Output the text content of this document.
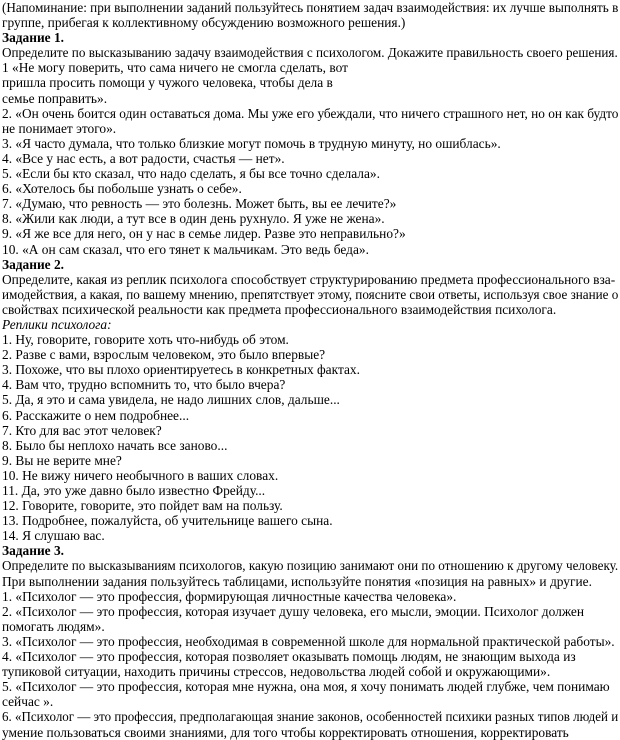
(Напоминание: при выполнении заданий пользуйтесь понятием задач взаимодействия: их лучше выполнять в
группе, прибегая к коллективному обсуждению возможного решения.)
Задание 1.
Определите по высказыванию задачу взаимодействия с психологом. Докажите правильность своего решения.
1 «Не могу поверить, что сама ничего не смогла сделать, вот
пришла просить помощи у чужого человека, чтобы дела в
семье поправить».
2. «Он очень боится один оставаться дома. Мы уже его убеждали, что ничего страшного нет, но он как будто
не понимает этого».
3. «Я часто думала, что только близкие могут помочь в трудную минуту, но ошиблась».
4. «Все у нас есть, а вот радости, счастья — нет».
5. «Если бы кто сказал, что надо сделать, я бы все точно сделала».
6. «Хотелось бы побольше узнать о себе».
7. «Думаю, что ревность — это болезнь. Может быть, вы ее лечите?»
8. «Жили как люди, а тут все в один день рухнуло. Я уже не жена».
9. «Я же все для него, он у нас в семье лидер. Разве это неправильно?»
10. «А он сам сказал, что его тянет к мальчикам. Это ведь беда».
Задание 2.
Определите, какая из реплик психолога способствует структурированию предмета профессионального вза-
имодействия, а какая, по вашему мнению, препятствует этому, поясните свои ответы, используя свое знание о
свойствах психической реальности как предмета профессионального взаимодействия психолога.
Реплики психолога:
1. Ну, говорите, говорите хоть что-нибудь об этом.
2. Разве с вами, взрослым человеком, это было впервые?
3. Похоже, что вы плохо ориентируетесь в конкретных фактах.
4. Вам что, трудно вспомнить то, что было вчера?
5. Да, я это и сама увидела, не надо лишних слов, дальше...
6. Расскажите о нем подробнее...
7. Кто для вас этот человек?
8. Было бы неплохо начать все заново...
9. Вы не верите мне?
10. Не вижу ничего необычного в ваших словах.
11. Да, это уже давно было известно Фрейду...
12. Говорите, говорите, это пойдет вам на пользу.
13. Подробнее, пожалуйста, об учительнице вашего сына.
14. Я слушаю вас.
Задание 3.
Определите по высказываниям психологов, какую позицию занимают они по отношению к другому человеку.
При выполнении задания пользуйтесь таблицами, используйте понятия «позиция на равных» и другие.
1. «Психолог — это профессия, формирующая личностные качества человека».
2. «Психолог — это профессия, которая изучает душу человека, его мысли, эмоции. Психолог должен
помогать людям».
3. «Психолог — это профессия, необходимая в современной школе для нормальной практической работы».
4. «Психолог — это профессия, которая позволяет оказывать помощь людям, не знающим выхода из
тупиковой ситуации, находить причины стрессов, недовольства людей собой и окружающими».
5. «Психолог — это профессия, которая мне нужна, она моя, я хочу понимать людей глубже, чем понимаю
сейчас ».
6. «Психолог — это профессия, предполагающая знание законов, особенностей психики разных типов людей и
умение пользоваться своими знаниями, для того чтобы корректировать отношения, корректировать
